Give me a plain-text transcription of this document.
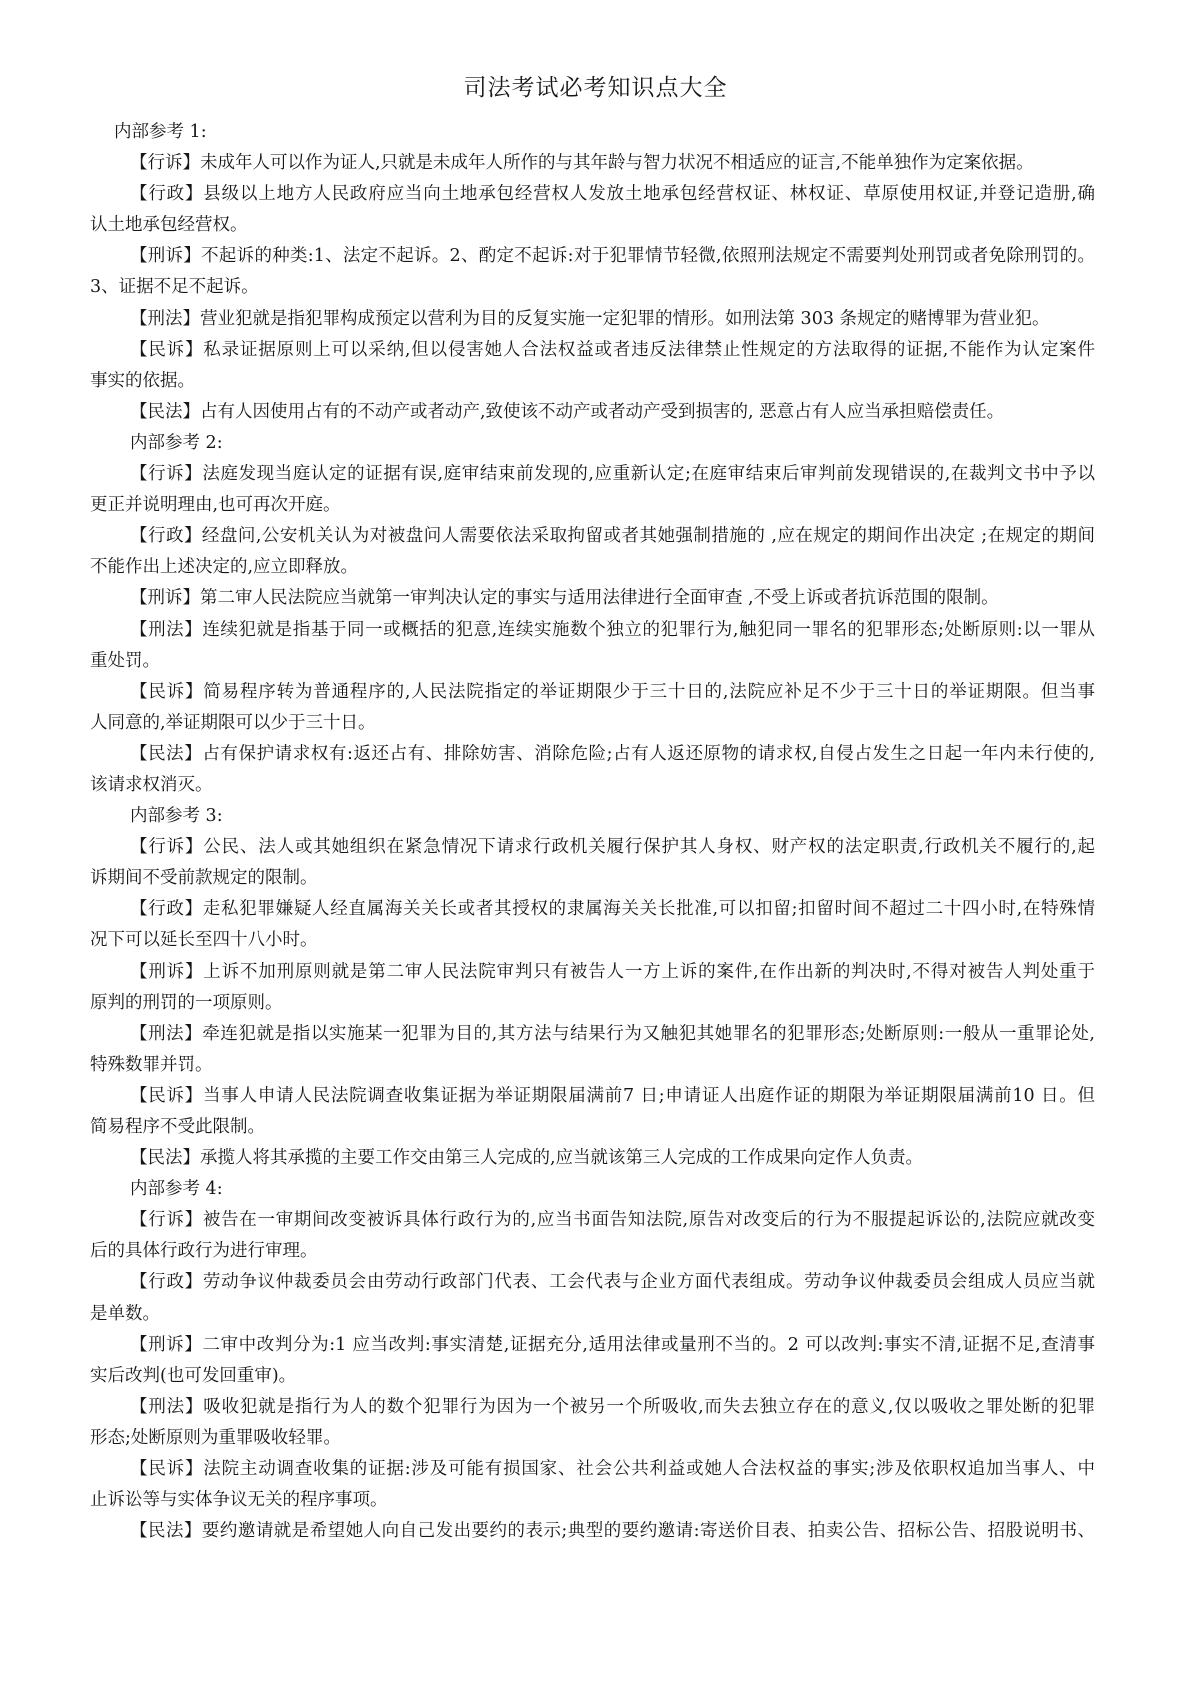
司法考试必考知识点大全
内部参考 1:
【行诉】未成年人可以作为证人,只就是未成年人所作的与其年龄与智力状况不相适应的证言,不能单独作为定案依据。
【行政】县级以上地方人民政府应当向土地承包经营权人发放土地承包经营权证、林权证、草原使用权证,并登记造册,确
认土地承包经营权。
【刑诉】不起诉的种类:1、法定不起诉。2、酌定不起诉:对于犯罪情节轻微,依照刑法规定不需要判处刑罚或者免除刑罚的。
3、证据不足不起诉。
【刑法】营业犯就是指犯罪构成预定以营利为目的反复实施一定犯罪的情形。如刑法第 303 条规定的赌博罪为营业犯。
【民诉】私录证据原则上可以采纳,但以侵害她人合法权益或者违反法律禁止性规定的方法取得的证据,不能作为认定案件
事实的依据。
【民法】占有人因使用占有的不动产或者动产,致使该不动产或者动产受到损害的, 恶意占有人应当承担赔偿责任。
内部参考 2:
【行诉】法庭发现当庭认定的证据有误,庭审结束前发现的,应重新认定;在庭审结束后审判前发现错误的,在裁判文书中予以
更正并说明理由,也可再次开庭。
【行政】经盘问,公安机关认为对被盘问人需要依法采取拘留或者其她强制措施的 ,应在规定的期间作出决定 ;在规定的期间
不能作出上述决定的,应立即释放。
【刑诉】第二审人民法院应当就第一审判决认定的事实与适用法律进行全面审查 ,不受上诉或者抗诉范围的限制。
【刑法】连续犯就是指基于同一或概括的犯意,连续实施数个独立的犯罪行为,触犯同一罪名的犯罪形态;处断原则:以一罪从
重处罚。
【民诉】简易程序转为普通程序的,人民法院指定的举证期限少于三十日的,法院应补足不少于三十日的举证期限。但当事
人同意的,举证期限可以少于三十日。
【民法】占有保护请求权有:返还占有、排除妨害、消除危险;占有人返还原物的请求权,自侵占发生之日起一年内未行使的,
该请求权消灭。
内部参考 3:
【行诉】公民、法人或其她组织在紧急情况下请求行政机关履行保护其人身权、财产权的法定职责,行政机关不履行的,起
诉期间不受前款规定的限制。
【行政】走私犯罪嫌疑人经直属海关关长或者其授权的隶属海关关长批准,可以扣留;扣留时间不超过二十四小时,在特殊情
况下可以延长至四十八小时。
【刑诉】上诉不加刑原则就是第二审人民法院审判只有被告人一方上诉的案件,在作出新的判决时,不得对被告人判处重于
原判的刑罚的一项原则。
【刑法】牵连犯就是指以实施某一犯罪为目的,其方法与结果行为又触犯其她罪名的犯罪形态;处断原则:一般从一重罪论处,
特殊数罪并罚。
【民诉】当事人申请人民法院调查收集证据为举证期限届满前7 日;申请证人出庭作证的期限为举证期限届满前10 日。但
简易程序不受此限制。
【民法】承揽人将其承揽的主要工作交由第三人完成的,应当就该第三人完成的工作成果向定作人负责。
内部参考 4:
【行诉】被告在一审期间改变被诉具体行政行为的,应当书面告知法院,原告对改变后的行为不服提起诉讼的,法院应就改变
后的具体行政行为进行审理。
【行政】劳动争议仲裁委员会由劳动行政部门代表、工会代表与企业方面代表组成。劳动争议仲裁委员会组成人员应当就
是单数。
【刑诉】二审中改判分为:1 应当改判:事实清楚,证据充分,适用法律或量刑不当的。2 可以改判:事实不清,证据不足,查清事
实后改判(也可发回重审)。
【刑法】吸收犯就是指行为人的数个犯罪行为因为一个被另一个所吸收,而失去独立存在的意义,仅以吸收之罪处断的犯罪
形态;处断原则为重罪吸收轻罪。
【民诉】法院主动调查收集的证据:涉及可能有损国家、社会公共利益或她人合法权益的事实;涉及依职权追加当事人、中
止诉讼等与实体争议无关的程序事项。
【民法】要约邀请就是希望她人向自己发出要约的表示;典型的要约邀请:寄送价目表、拍卖公告、招标公告、招股说明书、
